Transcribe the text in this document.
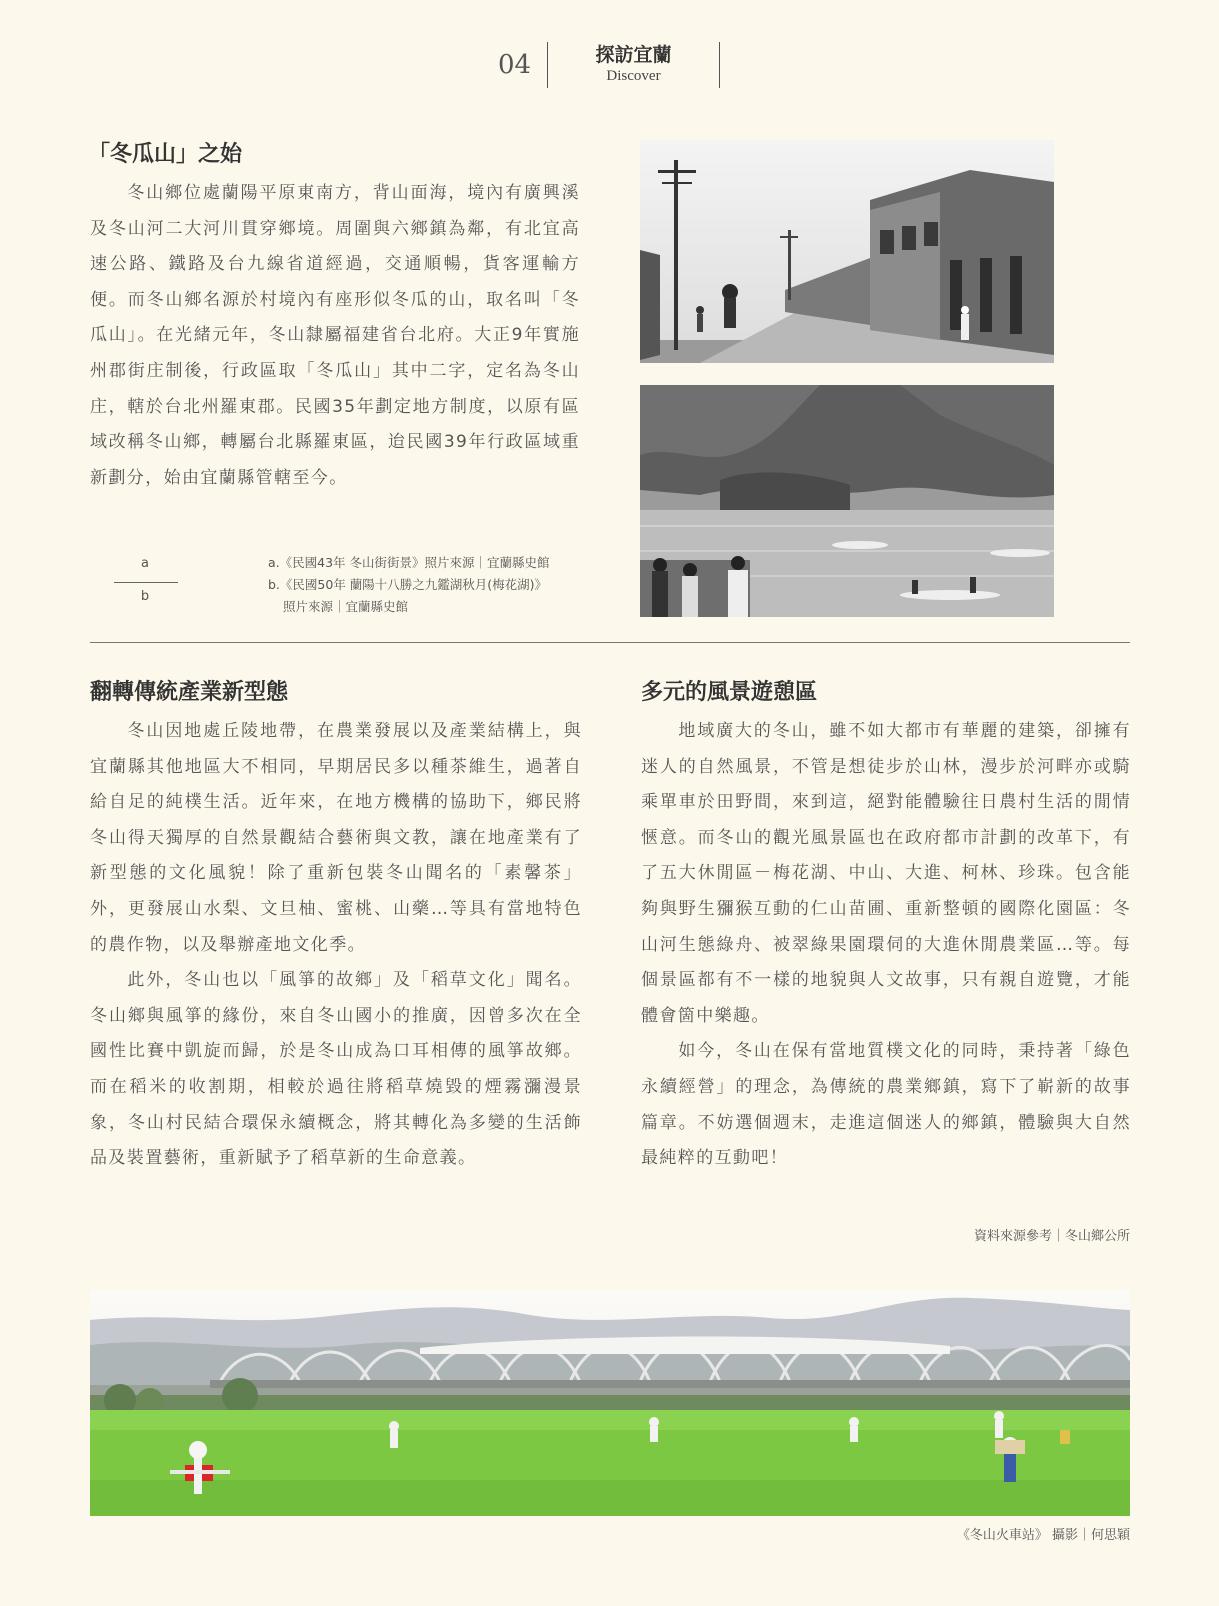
04	探訪宜蘭
Discover
「冬瓜山」之始

冬山鄉位處蘭陽平原東南方，背山面海，境內有廣興溪及冬山河二大河川貫穿鄉境。周圍與六鄉鎮為鄰，有北宜高速公路、鐵路及台九線省道經過，交通順暢，貨客運輸方便。而冬山鄉名源於村境內有座形似冬瓜的山，取名叫「冬瓜山」。在光緒元年，冬山隸屬福建省台北府。大正9年實施州郡街庄制後，行政區取「冬瓜山」其中二字，定名為冬山庄，轄於台北州羅東郡。民國35年劃定地方制度，以原有區域改稱冬山鄉，轉屬台北縣羅東區，迨民國39年行政區域重新劃分，始由宜蘭縣管轄至今。

a
b
a.《民國43年 冬山街街景》照片來源｜宜蘭縣史館
b.《民國50年 蘭陽十八勝之九鑑湖秋月(梅花湖)》
照片來源｜宜蘭縣史館
翻轉傳統產業新型態

冬山因地處丘陵地帶，在農業發展以及產業結構上，與宜蘭縣其他地區大不相同，早期居民多以種茶維生，過著自給自足的純樸生活。近年來，在地方機構的協助下，鄉民將冬山得天獨厚的自然景觀結合藝術與文教，讓在地產業有了新型態的文化風貌！除了重新包裝冬山聞名的「素馨茶」外，更發展山水梨、文旦柚、蜜桃、山藥…等具有當地特色的農作物，以及舉辦產地文化季。

此外，冬山也以「風箏的故鄉」及「稻草文化」聞名。冬山鄉與風箏的緣份，來自冬山國小的推廣，因曾多次在全國性比賽中凱旋而歸，於是冬山成為口耳相傳的風箏故鄉。而在稻米的收割期，相較於過往將稻草燒毀的煙霧瀰漫景象，冬山村民結合環保永續概念，將其轉化為多變的生活飾品及裝置藝術，重新賦予了稻草新的生命意義。

多元的風景遊憩區

地域廣大的冬山，雖不如大都市有華麗的建築，卻擁有迷人的自然風景，不管是想徒步於山林，漫步於河畔亦或騎乘單車於田野間，來到這，絕對能體驗往日農村生活的閒情愜意。而冬山的觀光風景區也在政府都市計劃的改革下，有了五大休閒區－梅花湖、中山、大進、柯林、珍珠。包含能夠與野生獼猴互動的仁山苗圃、重新整頓的國際化園區：冬山河生態綠舟、被翠綠果園環伺的大進休閒農業區…等。每個景區都有不一樣的地貌與人文故事，只有親自遊覽，才能體會箇中樂趣。

如今，冬山在保有當地質樸文化的同時，秉持著「綠色永續經營」的理念，為傳統的農業鄉鎮，寫下了嶄新的故事篇章。不妨選個週末，走進這個迷人的鄉鎮，體驗與大自然最純粹的互動吧！

資料來源參考｜冬山鄉公所
《冬山火車站》 攝影｜何思穎
